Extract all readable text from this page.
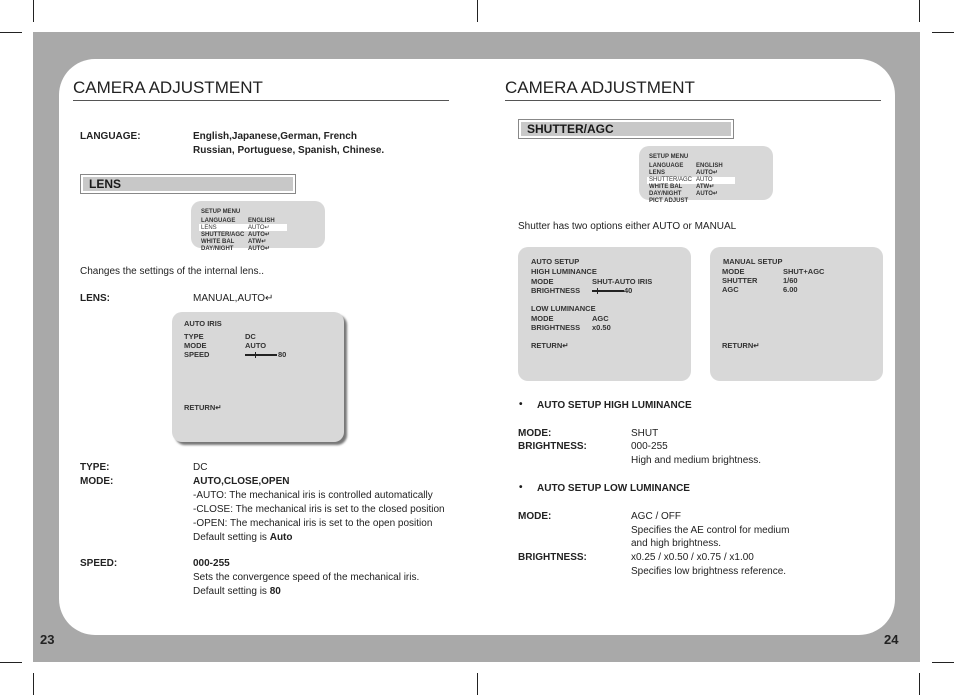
23	24
CAMERA ADJUSTMENT
LANGUAGE:	English,Japanese,German, French
Russian, Portuguese, Spanish, Chinese.
LENS
SETUP MENU
LANGUAGE ENGLISH
LENS	AUTO↵
SHUTTER/AGC AUTO↵
WHITE BAL ATW↵
DAY/NIGHT AUTO↵
Changes the settings of the internal lens..
LENS:	MANUAL,AUTO↵
AUTO IRIS
TYPE	DC
MODE	AUTO
SPEED	80
RETURN↵
TYPE:	DC
MODE:	AUTO,CLOSE,OPEN
-AUTO: The mechanical iris is controlled automatically
-CLOSE: The mechanical iris is set to the closed position
-OPEN: The mechanical iris is set to the open position
Default setting is Auto
SPEED:	000-255
Sets the convergence speed of the mechanical iris.
Default setting is 80
CAMERA ADJUSTMENT
SHUTTER/AGC
SETUP MENU
LANGUAGE ENGLISH
LENS	AUTO↵
SHUTTER/AGC AUTO
WHITE BAL ATW↵
DAY/NIGHT AUTO↵
PICT ADJUST
Shutter has two options either AUTO or MANUAL
AUTO SETUP
HIGH LUMINANCE
MODE	SHUT-AUTO IRIS
BRIGHTNESS	40
LOW LUMINANCE
MODE	AGC
BRIGHTNESS x0.50
RETURN↵
MANUAL SETUP
MODE	SHUT+AGC
SHUTTER	1/60
AGC	6.00
RETURN↵
• AUTO SETUP HIGH LUMINANCE
MODE:	SHUT
BRIGHTNESS:	000-255
High and medium brightness.
• AUTO SETUP LOW LUMINANCE
MODE:	AGC / OFF
Specifies the AE control for medium
and high brightness.
BRIGHTNESS:	x0.25 / x0.50 / x0.75 / x1.00
Specifies low brightness reference.
